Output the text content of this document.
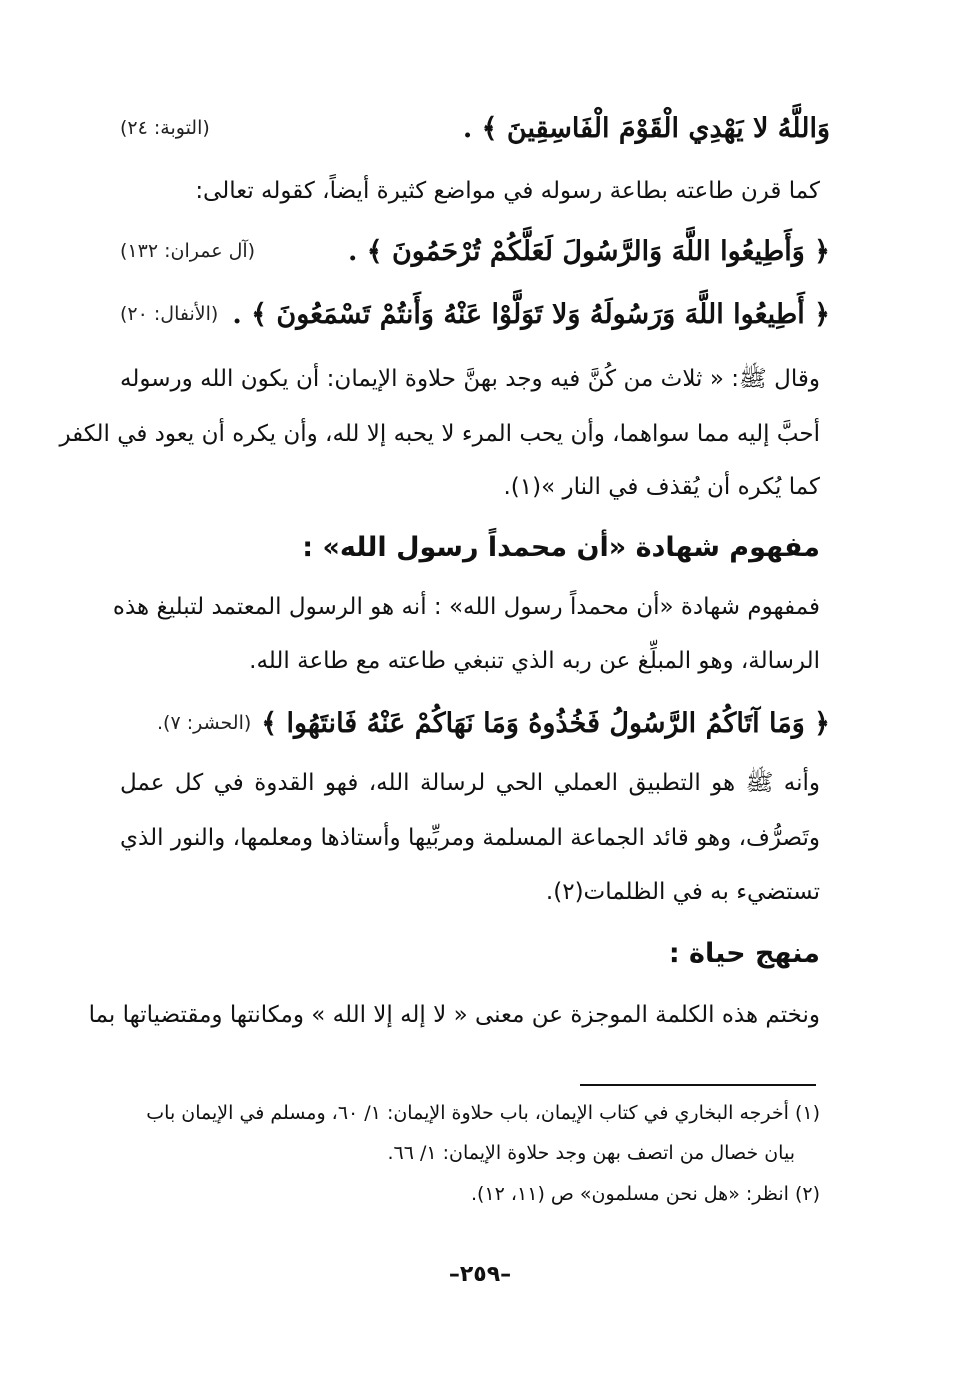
وَاللَّهُ لا يَهْدِي الْقَوْمَ الْفَاسِقِينَ ﴾ .
(التوبة: ٢٤)
كما قرن طاعته بطاعة رسوله في مواضع كثيرة أيضاً، كقوله تعالى:
﴿ وَأَطِيعُوا اللَّهَ وَالرَّسُولَ لَعَلَّكُمْ تُرْحَمُونَ ﴾ .
(آل عمران: ١٣٢)
﴿ أَطِيعُوا اللَّهَ وَرَسُولَهُ وَلا تَوَلَّوْا عَنْهُ وَأَنتُمْ تَسْمَعُونَ ﴾ .
(الأنفال: ٢٠)
وقال ﷺ: « ثلاث من كُنَّ فيه وجد بهنَّ حلاوة الإيمان: أن يكون الله ورسوله
أحبَّ إليه مما سواهما، وأن يحب المرء لا يحبه إلا لله، وأن يكره أن يعود في الكفر
كما يُكره أن يُقذف في النار »(١).
مفهوم شهادة «أن محمداً رسول الله» :
فمفهوم شهادة «أن محمداً رسول الله» : أنه هو الرسول المعتمد لتبليغ هذه
الرسالة، وهو المبلِّغ عن ربه الذي تنبغي طاعته مع طاعة الله.
﴿ وَمَا آتَاكُمُ الرَّسُولُ فَخُذُوهُ وَمَا نَهَاكُمْ عَنْهُ فَانتَهُوا ﴾
(الحشر: ٧).
وأنه ﷺ هو التطبيق العملي الحي لرسالة الله، فهو القدوة في كل عمل
وتَصرُّف، وهو قائد الجماعة المسلمة ومربِّيها وأستاذها ومعلمها، والنور الذي
تستضيء به في الظلمات(٢).
منهج حياة :
ونختم هذه الكلمة الموجزة عن معنى « لا إله إلا الله » ومكانتها ومقتضياتها بما
(١) أخرجه البخاري في كتاب الإيمان، باب حلاوة الإيمان: ١/ ٦٠، ومسلم في الإيمان باب
بيان خصال من اتصف بهن وجد حلاوة الإيمان: ١/ ٦٦.
(٢) انظر: «هل نحن مسلمون» ص (١١، ١٢).
–٢٥٩–
